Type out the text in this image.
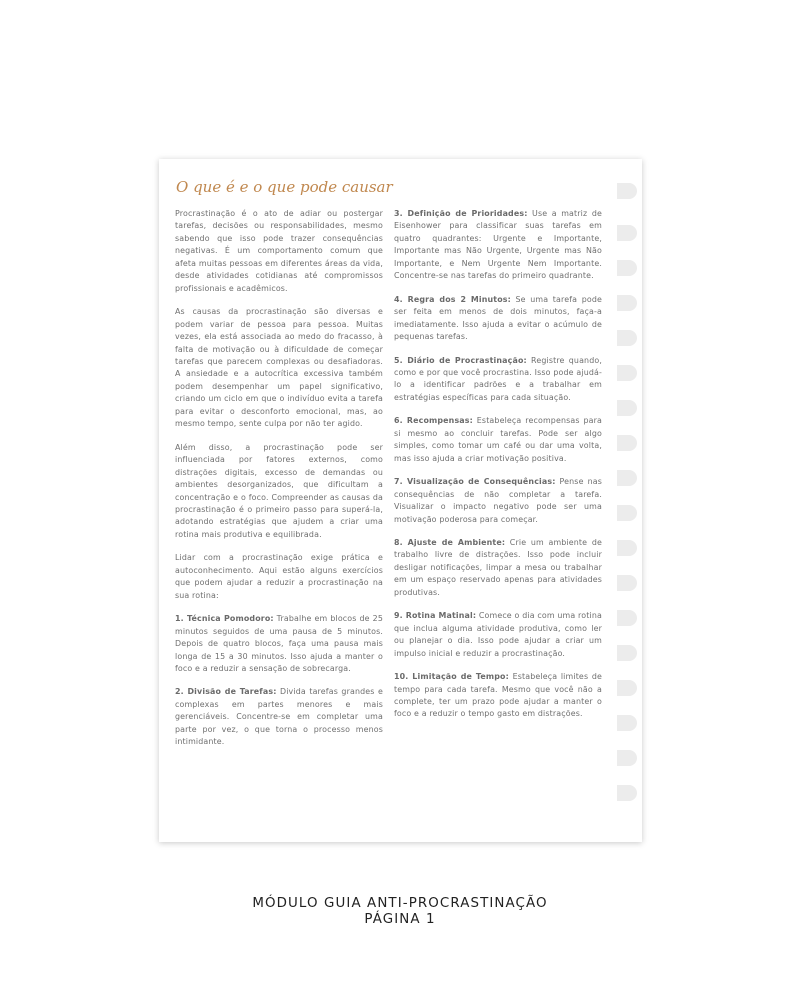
O que é e o que pode causar

Procrastinação é o ato de adiar ou postergar tarefas, decisões ou responsabilidades, mesmo sabendo que isso pode trazer consequências negativas. É um comportamento comum que afeta muitas pessoas em diferentes áreas da vida, desde atividades cotidianas até compromissos profissionais e acadêmicos.

As causas da procrastinação são diversas e podem variar de pessoa para pessoa. Muitas vezes, ela está associada ao medo do fracasso, à falta de motivação ou à dificuldade de começar tarefas que parecem complexas ou desafiadoras. A ansiedade e a autocrítica excessiva também podem desempenhar um papel significativo, criando um ciclo em que o indivíduo evita a tarefa para evitar o desconforto emocional, mas, ao mesmo tempo, sente culpa por não ter agido.

Além disso, a procrastinação pode ser influenciada por fatores externos, como distrações digitais, excesso de demandas ou ambientes desorganizados, que dificultam a concentração e o foco. Compreender as causas da procrastinação é o primeiro passo para superá-la, adotando estratégias que ajudem a criar uma rotina mais produtiva e equilibrada.

Lidar com a procrastinação exige prática e autoconhecimento. Aqui estão alguns exercícios que podem ajudar a reduzir a procrastinação na sua rotina:

1. Técnica Pomodoro: Trabalhe em blocos de 25 minutos seguidos de uma pausa de 5 minutos. Depois de quatro blocos, faça uma pausa mais longa de 15 a 30 minutos. Isso ajuda a manter o foco e a reduzir a sensação de sobrecarga.

2. Divisão de Tarefas: Divida tarefas grandes e complexas em partes menores e mais gerenciáveis. Concentre-se em completar uma parte por vez, o que torna o processo menos intimidante.

3. Definição de Prioridades: Use a matriz de Eisenhower para classificar suas tarefas em quatro quadrantes: Urgente e Importante, Importante mas Não Urgente, Urgente mas Não Importante, e Nem Urgente Nem Importante. Concentre-se nas tarefas do primeiro quadrante.

4. Regra dos 2 Minutos: Se uma tarefa pode ser feita em menos de dois minutos, faça-a imediatamente. Isso ajuda a evitar o acúmulo de pequenas tarefas.

5. Diário de Procrastinação: Registre quando, como e por que você procrastina. Isso pode ajudá-lo a identificar padrões e a trabalhar em estratégias específicas para cada situação.

6. Recompensas: Estabeleça recompensas para si mesmo ao concluir tarefas. Pode ser algo simples, como tomar um café ou dar uma volta, mas isso ajuda a criar motivação positiva.

7. Visualização de Consequências: Pense nas consequências de não completar a tarefa. Visualizar o impacto negativo pode ser uma motivação poderosa para começar.

8. Ajuste de Ambiente: Crie um ambiente de trabalho livre de distrações. Isso pode incluir desligar notificações, limpar a mesa ou trabalhar em um espaço reservado apenas para atividades produtivas.

9. Rotina Matinal: Comece o dia com uma rotina que inclua alguma atividade produtiva, como ler ou planejar o dia. Isso pode ajudar a criar um impulso inicial e reduzir a procrastinação.

10. Limitação de Tempo: Estabeleça limites de tempo para cada tarefa. Mesmo que você não a complete, ter um prazo pode ajudar a manter o foco e a reduzir o tempo gasto em distrações.

MÓDULO GUIA ANTI-PROCRASTINAÇÃO

PÁGINA 1
